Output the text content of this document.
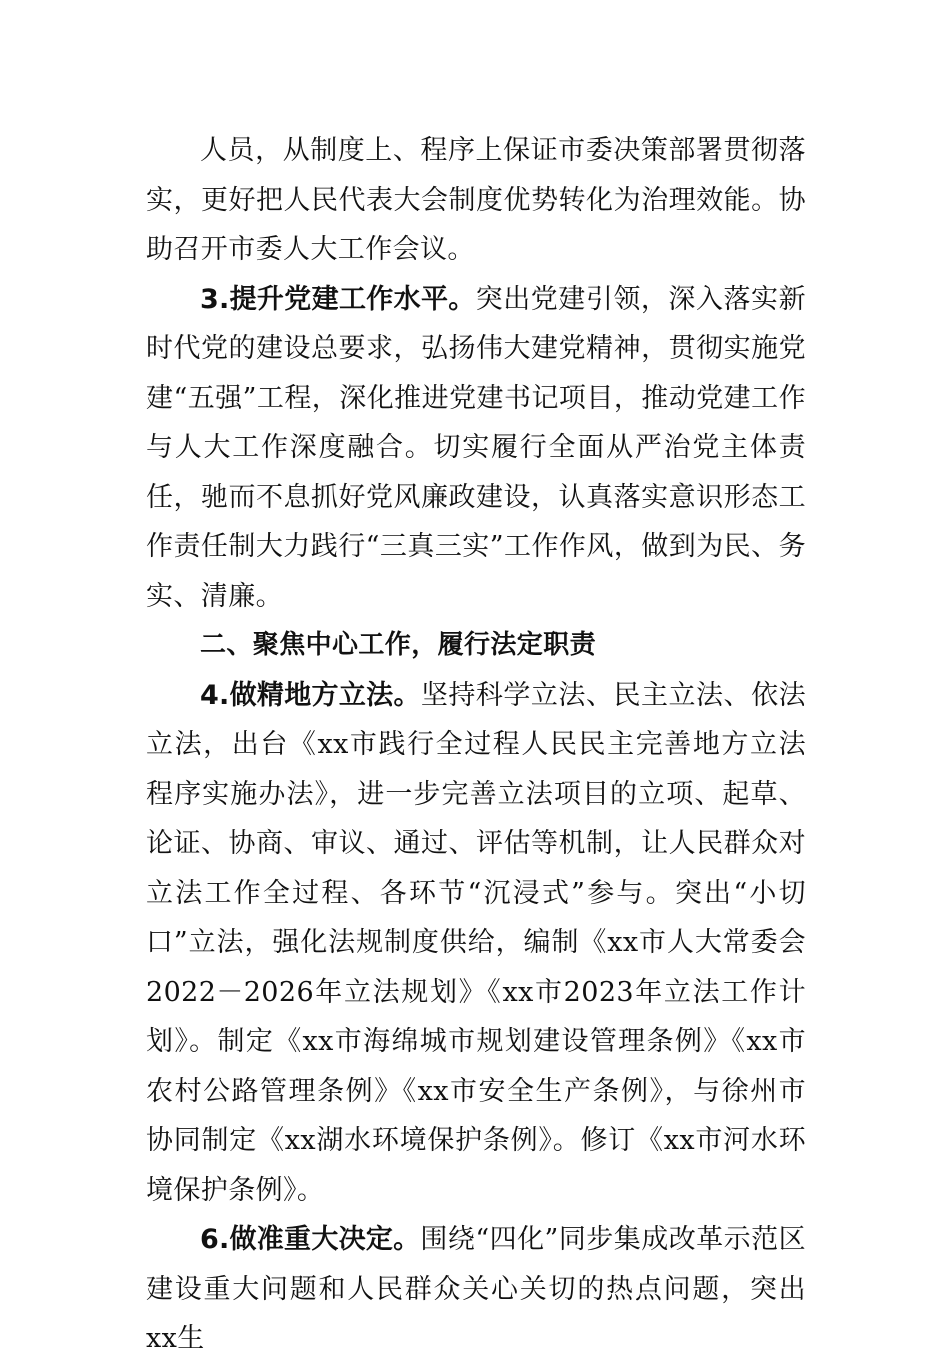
人员，从制度上、程序上保证市委决策部署贯彻落实，更好把人民代表大会制度优势转化为治理效能。协助召开市委人大工作会议。

3.提升党建工作水平。突出党建引领，深入落实新时代党的建设总要求，弘扬伟大建党精神，贯彻实施党建“五强”工程，深化推进党建书记项目，推动党建工作与人大工作深度融合。切实履行全面从严治党主体责任，驰而不息抓好党风廉政建设，认真落实意识形态工作责任制大力践行“三真三实”工作作风，做到为民、务实、清廉。

二、聚焦中心工作，履行法定职责

4.做精地方立法。坚持科学立法、民主立法、依法立法，出台《xx市践行全过程人民民主完善地方立法程序实施办法》，进一步完善立法项目的立项、起草、论证、协商、审议、通过、评估等机制，让人民群众对立法工作全过程、各环节“沉浸式”参与。突出“小切口”立法，强化法规制度供给，编制《xx市人大常委会2022－2026年立法规划》《xx市2023年立法工作计划》。制定《xx市海绵城市规划建设管理条例》《xx市农村公路管理条例》《xx市安全生产条例》，与徐州市协同制定《xx湖水环境保护条例》。修订《xx市河水环境保护条例》。

6.做准重大决定。围绕“四化”同步集成改革示范区建设重大问题和人民群众关心关切的热点问题，突出xx生
